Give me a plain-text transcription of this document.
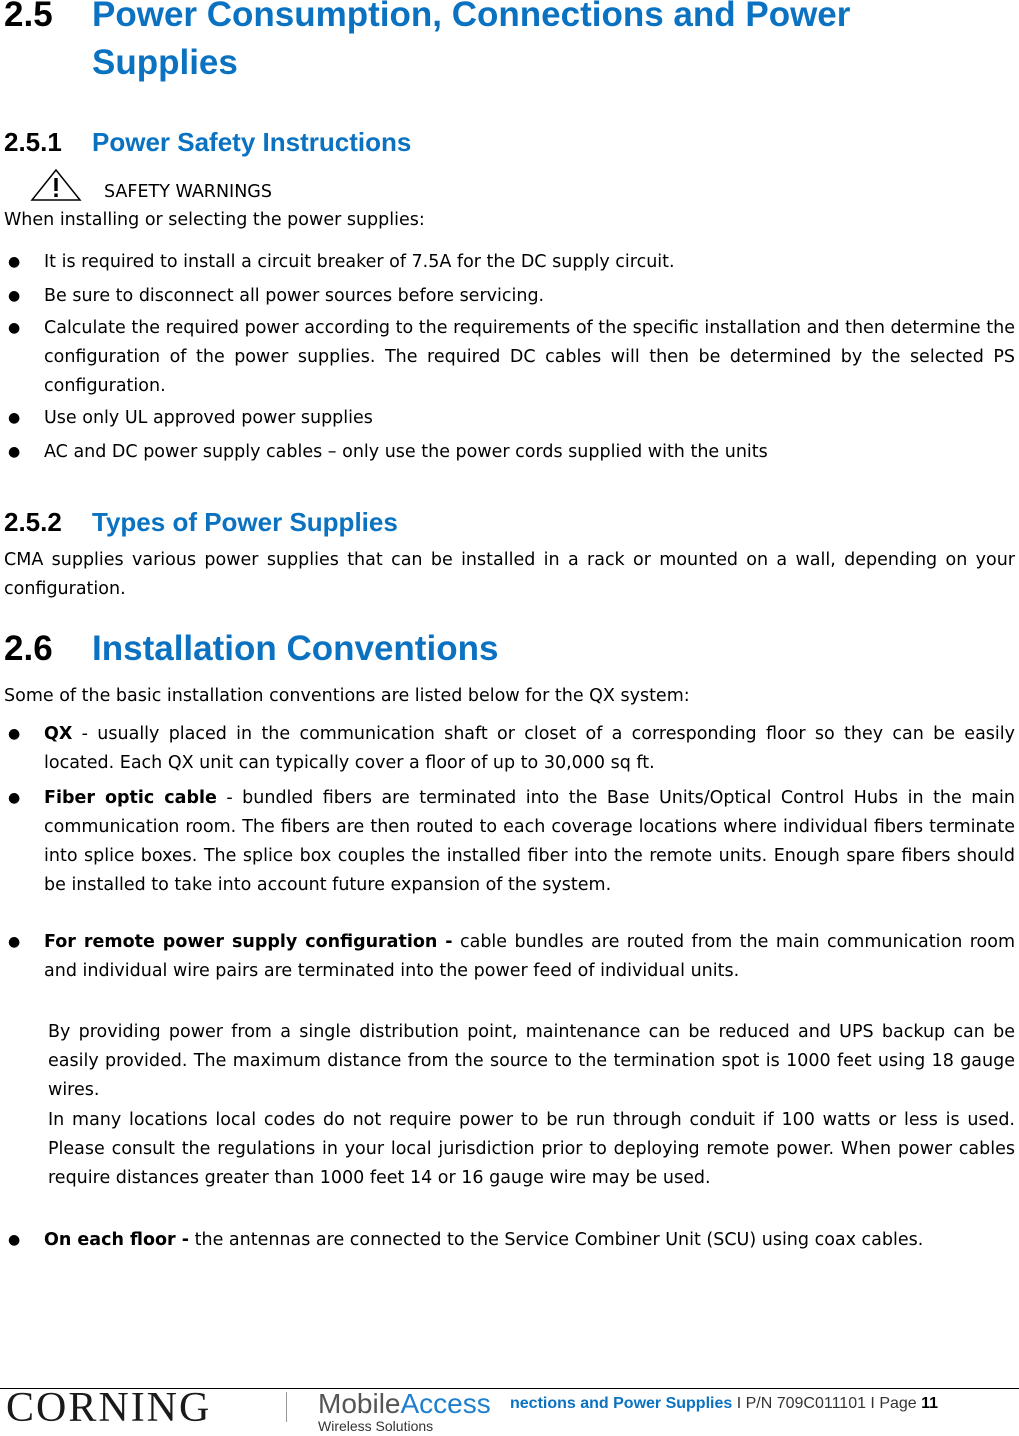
2.5 Power Consumption, Connections and Power
Supplies
2.5.1 Power Safety Instructions
SAFETY WARNINGS
When installing or selecting the power supplies:
● It is required to install a circuit breaker of 7.5A for the DC supply circuit.
● Be sure to disconnect all power sources before servicing.
● Calculate the required power according to the requirements of the specific installation and then determine the configuration of the power supplies. The required DC cables will then be determined by the selected PS configuration.
● Use only UL approved power supplies
● AC and DC power supply cables – only use the power cords supplied with the units
2.5.2 Types of Power Supplies
CMA supplies various power supplies that can be installed in a rack or mounted on a wall, depending on your configuration.
2.6 Installation Conventions
Some of the basic installation conventions are listed below for the QX system:
● QX - usually placed in the communication shaft or closet of a corresponding floor so they can be easily located. Each QX unit can typically cover a floor of up to 30,000 sq ft.
● Fiber optic cable - bundled fibers are terminated into the Base Units/Optical Control Hubs in the main communication room. The fibers are then routed to each coverage locations where individual fibers terminate into splice boxes. The splice box couples the installed fiber into the remote units. Enough spare fibers should be installed to take into account future expansion of the system.
● For remote power supply configuration - cable bundles are routed from the main communication room and individual wire pairs are terminated into the power feed of individual units.
By providing power from a single distribution point, maintenance can be reduced and UPS backup can be easily provided. The maximum distance from the source to the termination spot is 1000 feet using 18 gauge wires.
In many locations local codes do not require power to be run through conduit if 100 watts or less is used. Please consult the regulations in your local jurisdiction prior to deploying remote power. When power cables require distances greater than 1000 feet 14 or 16 gauge wire may be used.
● On each floor - the antennas are connected to the Service Combiner Unit (SCU) using coax cables.
CORNING	MobileAccess
Wireless Solutions
nections and Power Supplies I P/N 709C011101 I Page 11
